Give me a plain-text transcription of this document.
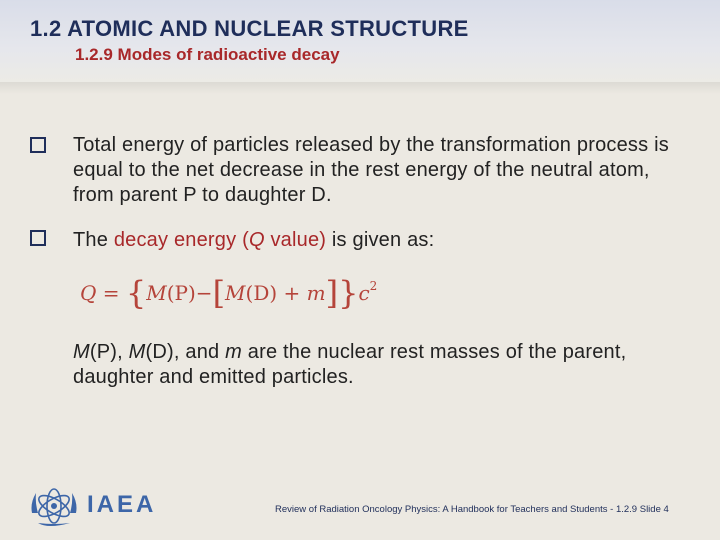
1.2 ATOMIC AND NUCLEAR STRUCTURE
1.2.9 Modes of radioactive decay
Total energy of particles released by the transformation process is equal to the net decrease in the rest energy of the neutral atom, from parent P to daughter D.
The decay energy (Q value) is given as:
$Q = \{M(P)-[M(D) + m]\}c^2$
M(P), M(D), and m are the nuclear rest masses of the parent, daughter and emitted particles.
IAEA	Review of Radiation Oncology Physics: A Handbook for Teachers and Students - 1.2.9 Slide 4
